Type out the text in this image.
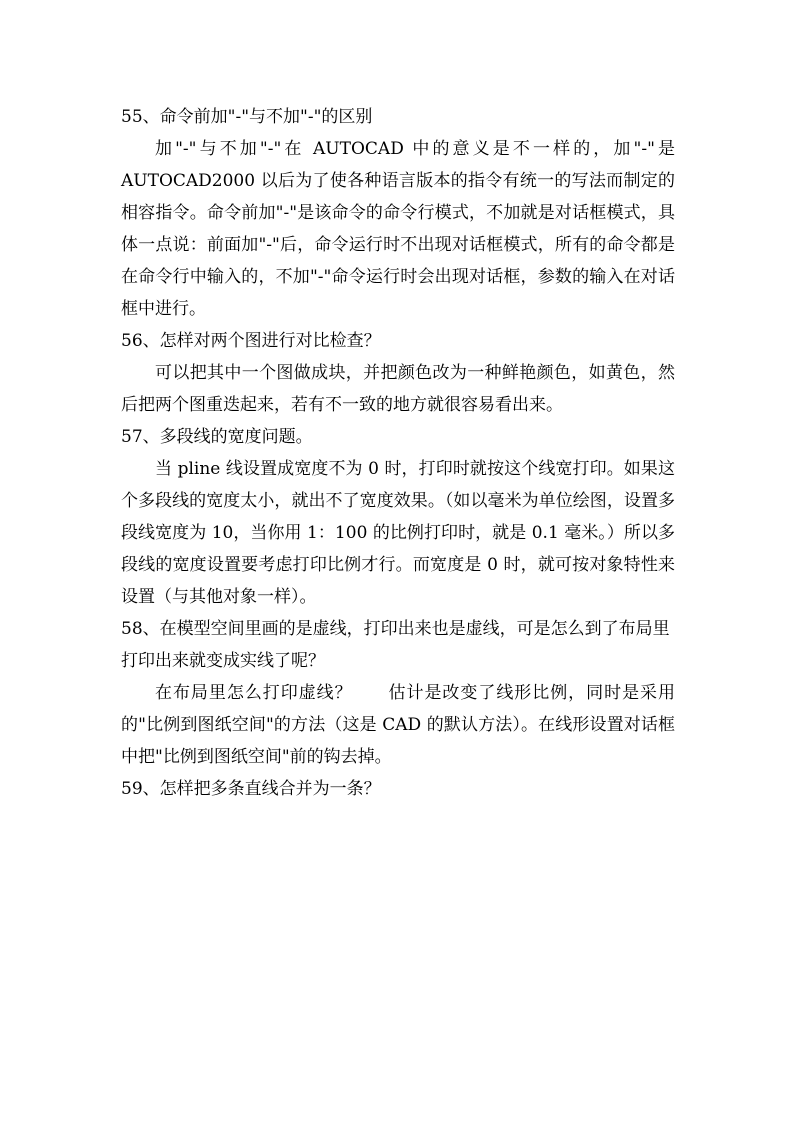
55、命令前加"-"与不加"-"的区别

加"-"与不加"-"在 AUTOCAD 中的意义是不一样的，加"-"是AUTOCAD2000 以后为了使各种语言版本的指令有统一的写法而制定的相容指令。命令前加"-"是该命令的命令行模式，不加就是对话框模式，具体一点说：前面加"-"后，命令运行时不出现对话框模式，所有的命令都是在命令行中输入的，不加"-"命令运行时会出现对话框，参数的输入在对话框中进行。

56、怎样对两个图进行对比检查？

可以把其中一个图做成块，并把颜色改为一种鲜艳颜色，如黄色，然后把两个图重迭起来，若有不一致的地方就很容易看出来。

57、多段线的宽度问题。

当 pline 线设置成宽度不为 0 时，打印时就按这个线宽打印。如果这个多段线的宽度太小，就出不了宽度效果。（如以毫米为单位绘图，设置多段线宽度为 10，当你用 1：100 的比例打印时，就是 0.1 毫米。）所以多段线的宽度设置要考虑打印比例才行。而宽度是 0 时，就可按对象特性来设置（与其他对象一样）。

58、在模型空间里画的是虚线，打印出来也是虚线，可是怎么到了布局里打印出来就变成实线了呢？

在布局里怎么打印虚线？　　估计是改变了线形比例，同时是采用的"比例到图纸空间"的方法（这是 CAD 的默认方法）。在线形设置对话框中把"比例到图纸空间"前的钩去掉。

59、怎样把多条直线合并为一条？
